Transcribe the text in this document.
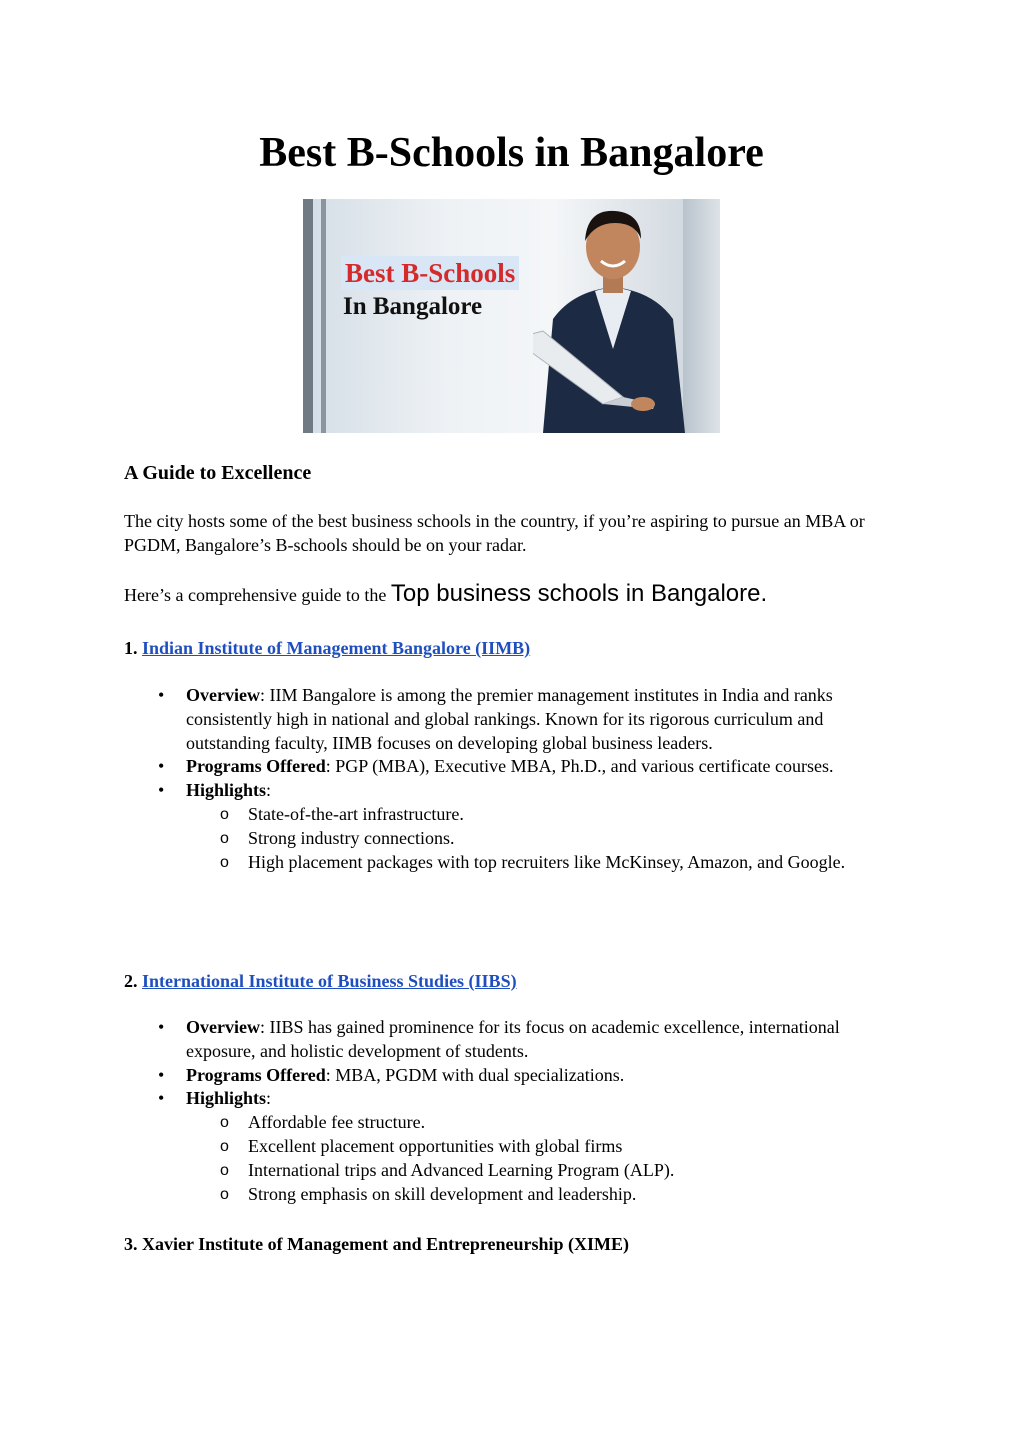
Best B-Schools in Bangalore
Best B-Schools
In Bangalore
A Guide to Excellence

The city hosts some of the best business schools in the country, if you’re aspiring to pursue an MBA or PGDM, Bangalore’s B-schools should be on your radar.

Here’s a comprehensive guide to the Top business schools in Bangalore.

1. Indian Institute of Management Bangalore (IIMB)

• Overview: IIM Bangalore is among the premier management institutes in India and ranks consistently high in national and global rankings. Known for its rigorous curriculum and outstanding faculty, IIMB focuses on developing global business leaders.
• Programs Offered: PGP (MBA), Executive MBA, Ph.D., and various certificate courses.
• Highlights:
o State-of-the-art infrastructure.
o Strong industry connections.
o High placement packages with top recruiters like McKinsey, Amazon, and Google.

2. International Institute of Business Studies (IIBS)

• Overview: IIBS has gained prominence for its focus on academic excellence, international exposure, and holistic development of students.
• Programs Offered: MBA, PGDM with dual specializations.
• Highlights:
o Affordable fee structure.
o Excellent placement opportunities with global firms
o International trips and Advanced Learning Program (ALP).
o Strong emphasis on skill development and leadership.

3. Xavier Institute of Management and Entrepreneurship (XIME)
